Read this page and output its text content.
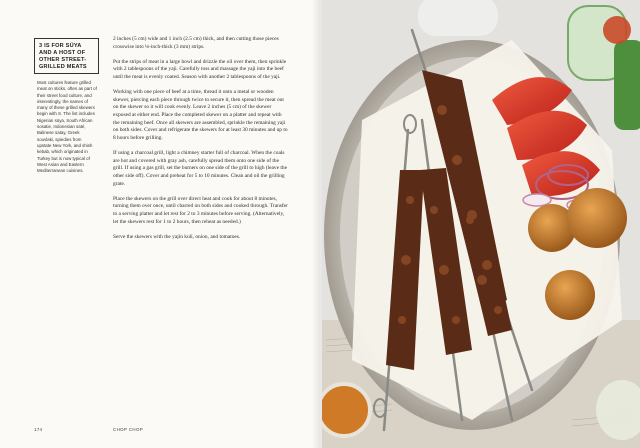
3 IS FOR SÚYA AND A HOST OF OTHER STREET-GRILLED MEATS
Most cultures feature grilled meat on sticks, often as part of their street food culture, and interestingly, the names of many of these grilled skewers begin with S. The list includes Nigerian süya, South African sosatie, Indonesian saté, Balinese satay, Greek souvlaki, spiedies from upstate New York, and shish kebab, which originated in Turkey but is now typical of West Asian and Eastern Mediterranean cuisines.

2 inches (5 cm) wide and 1 inch (2.5 cm) thick, and then cutting those pieces crosswise into ⅛-inch-thick (3 mm) strips.

Put the strips of meat in a large bowl and drizzle the oil over them, then sprinkle with 2 tablespoons of the yaji. Carefully toss and massage the yaji into the beef until the meat is evenly coated. Season with another 2 tablespoons of the yaji.

Working with one piece of beef at a time, thread it onto a metal or wooden skewer, piercing each piece through twice to secure it, then spread the meat out on the skewer so it will cook evenly. Leave 2 inches (5 cm) of the skewer exposed at either end. Place the completed skewer on a platter and repeat with the remaining beef. Once all skewers are assembled, sprinkle the remaining yaji on both sides. Cover and refrigerate the skewers for at least 30 minutes and up to 8 hours before grilling.

If using a charcoal grill, light a chimney starter full of charcoal. When the coals are hot and covered with gray ash, carefully spread them onto one side of the grill. If using a gas grill, set the burners on one side of the grill to high (leave the other side off). Cover and preheat for 5 to 10 minutes. Clean and oil the grilling grate.

Place the skewers on the grill over direct heat and cook for about 8 minutes, turning them over once, until charred on both sides and cooked through. Transfer to a serving platter and let rest for 2 to 3 minutes before serving. (Alternatively, let the skewers rest for 1 to 2 hours, then reheat as needed.)

Serve the skewers with the yajin kuli, onion, and tomatoes.

174	CHOP CHOP
